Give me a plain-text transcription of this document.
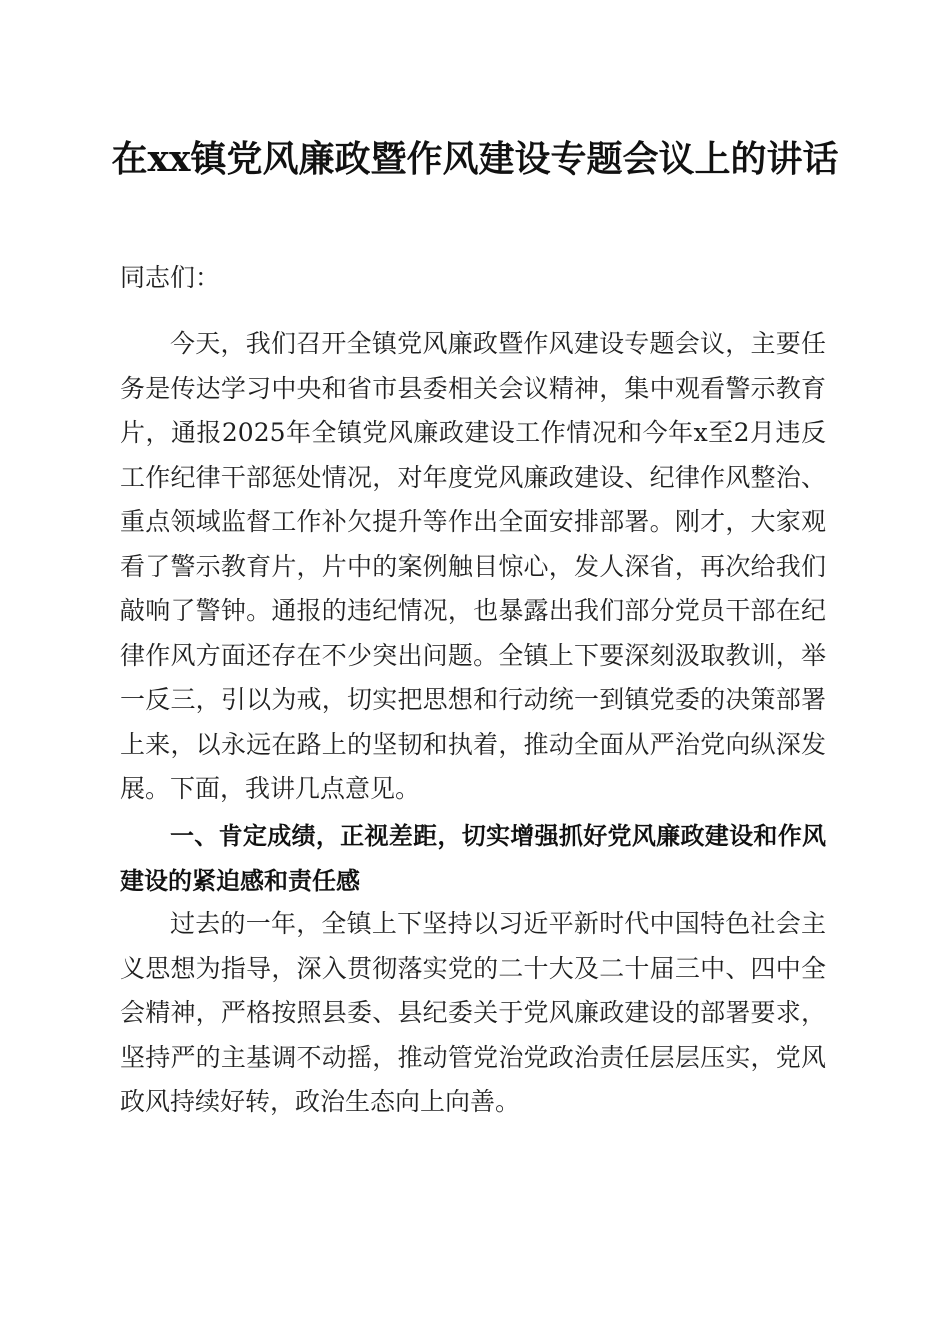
在xx镇党风廉政暨作风建设专题会议上的讲话

同志们：

今天，我们召开全镇党风廉政暨作风建设专题会议，主要任务是传达学习中央和省市县委相关会议精神，集中观看警示教育片，通报2025年全镇党风廉政建设工作情况和今年x至2月违反工作纪律干部惩处情况，对年度党风廉政建设、纪律作风整治、重点领域监督工作补欠提升等作出全面安排部署。刚才，大家观看了警示教育片，片中的案例触目惊心，发人深省，再次给我们敲响了警钟。通报的违纪情况，也暴露出我们部分党员干部在纪律作风方面还存在不少突出问题。全镇上下要深刻汲取教训，举一反三，引以为戒，切实把思想和行动统一到镇党委的决策部署上来，以永远在路上的坚韧和执着，推动全面从严治党向纵深发展。下面，我讲几点意见。

一、肯定成绩，正视差距，切实增强抓好党风廉政建设和作风建设的紧迫感和责任感

过去的一年，全镇上下坚持以习近平新时代中国特色社会主义思想为指导，深入贯彻落实党的二十大及二十届三中、四中全会精神，严格按照县委、县纪委关于党风廉政建设的部署要求，坚持严的主基调不动摇，推动管党治党政治责任层层压实，党风政风持续好转，政治生态向上向善。
